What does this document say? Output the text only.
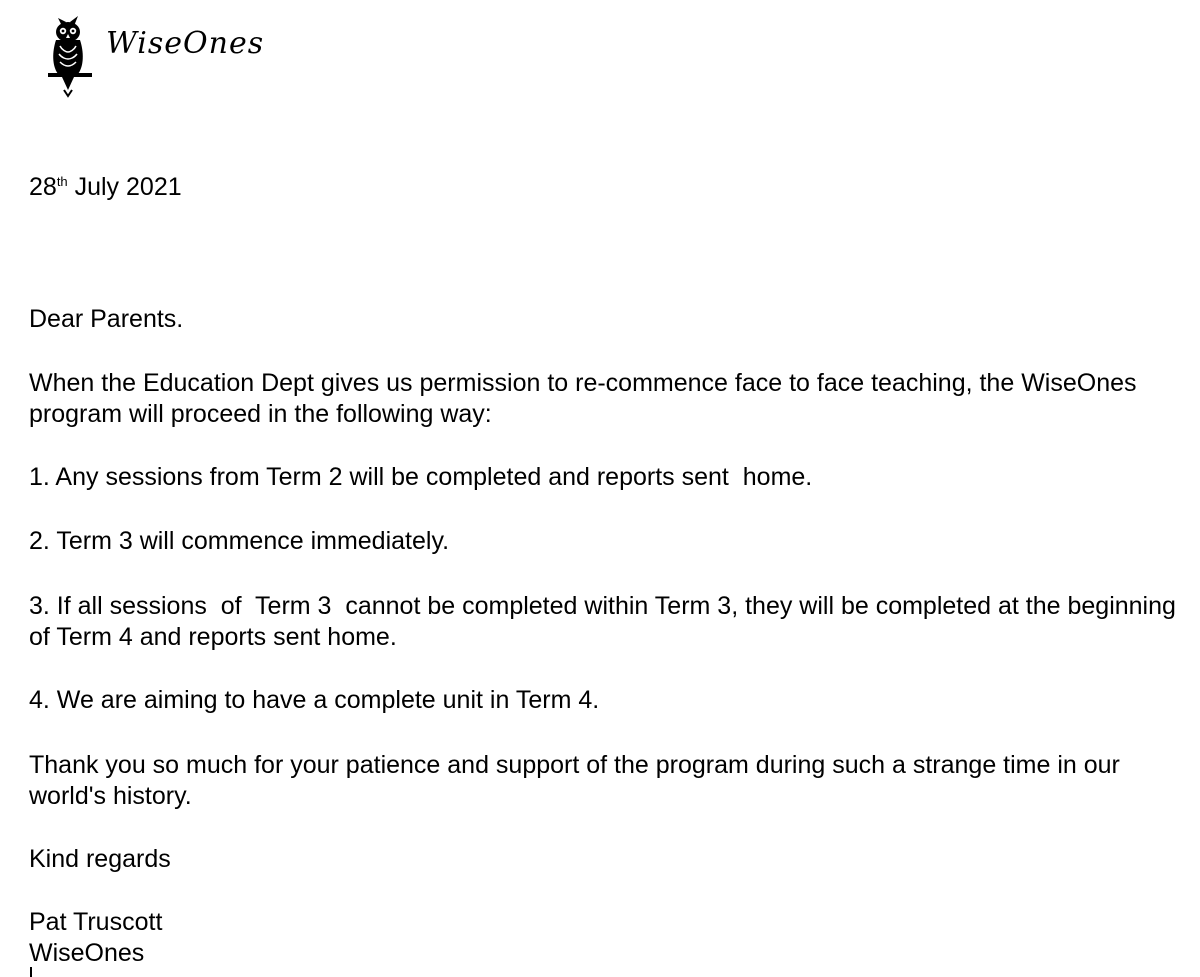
WiseOnes
28th July 2021
Dear Parents.
When the Education Dept gives us permission to re-commence face to face teaching, the WiseOnes program will proceed in the following way:
1. Any sessions from Term 2 will be completed and reports sent  home.
2. Term 3 will commence immediately.
3. If all sessions  of  Term 3  cannot be completed within Term 3, they will be completed at the beginning of Term 4 and reports sent home.
4. We are aiming to have a complete unit in Term 4.
Thank you so much for your patience and support of the program during such a strange time in our world's history.
Kind regards
Pat Truscott
WiseOnes
